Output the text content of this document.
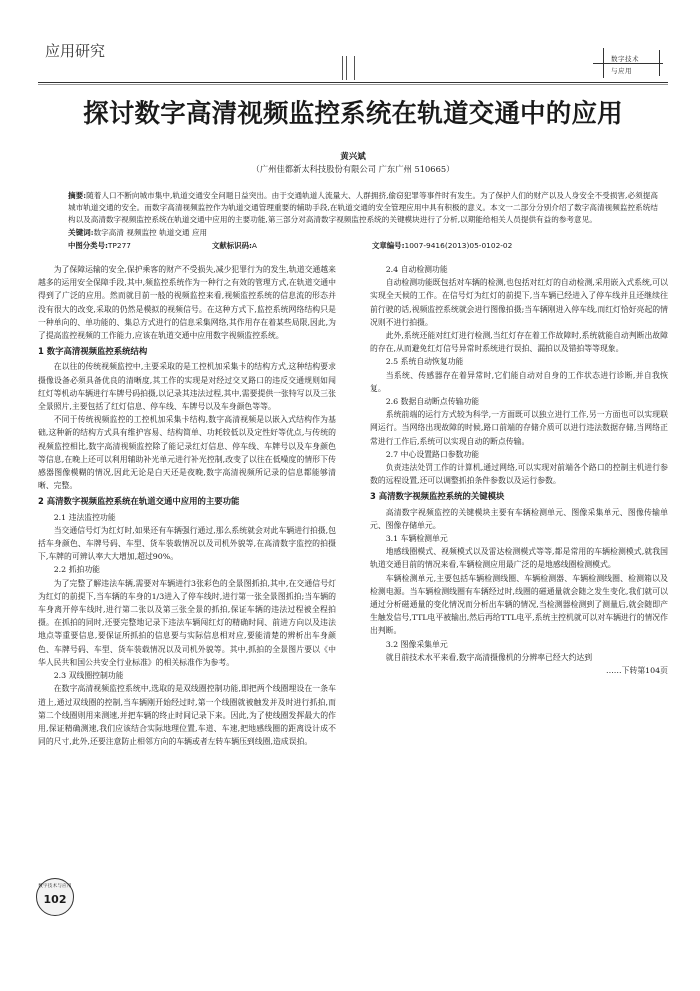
应用研究	数字技术
与应用
探讨数字高清视频监控系统在轨道交通中的应用
黄兴斌
（广州佳都新太科技股份有限公司 广东广州 510665）
摘要:随着人口不断向城市集中,轨道交通安全问题日益突出。由于交通轨道人流量大、人群拥挤,偷窃犯罪等事件时有发生。为了保护人们的财产以及人身安全不受损害,必须提高城市轨道交通的安全。而数字高清视频监控作为轨道交通管理重要的辅助手段,在轨道交通的安全管理应用中具有积极的意义。本文一二部分分别介绍了数字高清视频监控系统结构以及高清数字视频监控系统在轨道交通中应用的主要功能,第三部分对高清数字视频监控系统的关键模块进行了分析,以期能给相关人员提供有益的参考意见。
关键词:数字高清 视频监控 轨道交通 应用
中图分类号:TP277	文献标识码:A	文章编号:1007-9416(2013)05-0102-02

为了保障运输的安全,保护乘客的财产不受损失,减少犯罪行为的发生,轨道交通越来越多的运用安全保障手段,其中,频监控系统作为一种行之有效的管理方式,在轨道交通中得到了广泛的应用。然而就目前一般的视频监控来看,视频监控系统的信息流的形态并没有很大的改变,采取的仍然是模拟的视频信号。在这种方式下,监控系统网络结构只是一种单向的、单功能的、集总方式进行的信息采集网络,其作用存在着某些局限,因此,为了提高监控视频的工作能力,应该在轨道交通中应用数字视频监控系统。

1 数字高清视频监控系统结构

在以往的传统视频监控中,主要采取的是工控机加采集卡的结构方式,这种结构要求摄像设备必须具备优良的清晰度,其工作的实现是对经过交叉路口的违反交通规则如闯红灯等机动车辆进行车牌号码拍摄,以记录其违法过程,其中,需要提供一张特写以及三张全景照片,主要包括了红灯信息、停车线、车牌号以及车身颜色等等。

不同于传统视频监控的工控机加采集卡结构,数字高清视频是以嵌入式结构作为基础,这种新的结构方式具有维护容易、结构简单、功耗较低以及定性好等优点,与传统的视频监控相比,数字高清视频监控除了能记录红灯信息、停车线、车牌号以及车身颜色等信息,在晚上还可以利用辅助补光单元进行补光控制,改变了以往在低噪度的情形下传感器图像模糊的情况,因此无论是白天还是夜晚,数字高清视频所记录的信息都能够清晰、完整。

2 高清数字视频监控系统在轨道交通中应用的主要功能
2.1 违法监控功能

当交通信号灯为红灯时,如果还有车辆强行通过,那么系统就会对此车辆进行拍摄,包括车身颜色、车牌号码、车型、货车装载情况以及司机外貌等,在高清数字监控的拍摄下,车牌的可辨认率大大增加,超过90%。

2.2 抓拍功能

为了完整了解违法车辆,需要对车辆进行3张彩色的全景图抓拍,其中,在交通信号灯为红灯的前提下,当车辆的车身的1/3进入了停车线时,进行第一张全景图抓拍;当车辆的车身离开停车线时,进行第二张以及第三张全景的抓拍,保证车辆的违法过程被全程拍摄。在抓拍的同时,还要完整地记录下违法车辆闯红灯的精确时间、前进方向以及违法地点等重要信息,要保证所抓拍的信息要与实际信息相对应,要能清楚的辨析出车身颜色、车牌号码、车型、货车装载情况以及司机外貌等。其中,抓拍的全景图片要以《中华人民共和国公共安全行业标准》的相关标准作为参考。

2.3 双线圈控制功能

在数字高清视频监控系统中,选取的是双线圈控制功能,即把两个线圈埋设在一条车道上,通过双线圈的控制,当车辆刚开始经过时,第一个线圈就被触发并及时进行抓拍,而第二个线圈则用来测速,并把车辆的终止时间记录下来。因此,为了使线圈发挥最大的作用,保证精确测速,我们应该结合实际地理位置,车道、车速,把地感线圈的距离设计成不同的尺寸,此外,还要注意防止相邻方向的车辆或者左转车辆压到线圈,造成误拍。

2.4 自动检测功能

自动检测功能既包括对车辆的检测,也包括对红灯的自动检测,采用嵌入式系统,可以实现全天候的工作。在信号灯为红灯的前提下,当车辆已经进入了停车线并且还继续往前行驶的话,视频监控系统就会进行图像拍摄;当车辆刚进入停车线,而红灯恰好亮起的情况则不进行拍摄。

此外,系统还能对红灯进行检测,当红灯存在着工作故障时,系统就能自动判断出故障的存在,从而避免红灯信号异常时系统进行误拍、漏拍以及错拍等等现象。

2.5 系统自动恢复功能

当系统、传感器存在着异常时,它们能自动对自身的工作状态进行诊断,并自我恢复。

2.6 数据自动断点传输功能

系统前端的运行方式较为科学,一方面既可以独立进行工作,另一方面也可以实现联网运行。当网络出现故障的时候,路口前端的存储介质可以进行违法数据存储,当网络正常进行工作后,系统可以实现自动的断点传输。

2.7 中心设置路口参数功能

负责违法处罚工作的计算机,通过网络,可以实现对前端各个路口的控制主机进行参数的远程设置,还可以调整抓拍条件参数以及运行参数。

3 高清数字视频监控系统的关键模块

高清数字视频监控的关键模块主要有车辆检测单元、图像采集单元、图像传输单元、图像存储单元。

3.1 车辆检测单元

地感线圈模式、视频模式以及雷达检测模式等等,都是常用的车辆检测模式,就我国轨道交通目前的情况来看,车辆检测应用最广泛的是地感线圈检测模式。

车辆检测单元,主要包括车辆检测线圈、车辆检测器、车辆检测线圈、检测箱以及检测电源。当车辆检测线圈有车辆经过时,线圈的磁通量就会随之发生变化,我们就可以通过分析磁通量的变化情况而分析出车辆的情况,当检测器检测到了测量后,就会随即产生触发信号,TTL电平被输出,然后再给TTL电平,系统主控机就可以对车辆进行的情况作出判断。

3.2 图像采集单元

就目前技术水平来看,数字高清摄像机的分辨率已经大约达到

……下转第104页

数字技术与应用
102
